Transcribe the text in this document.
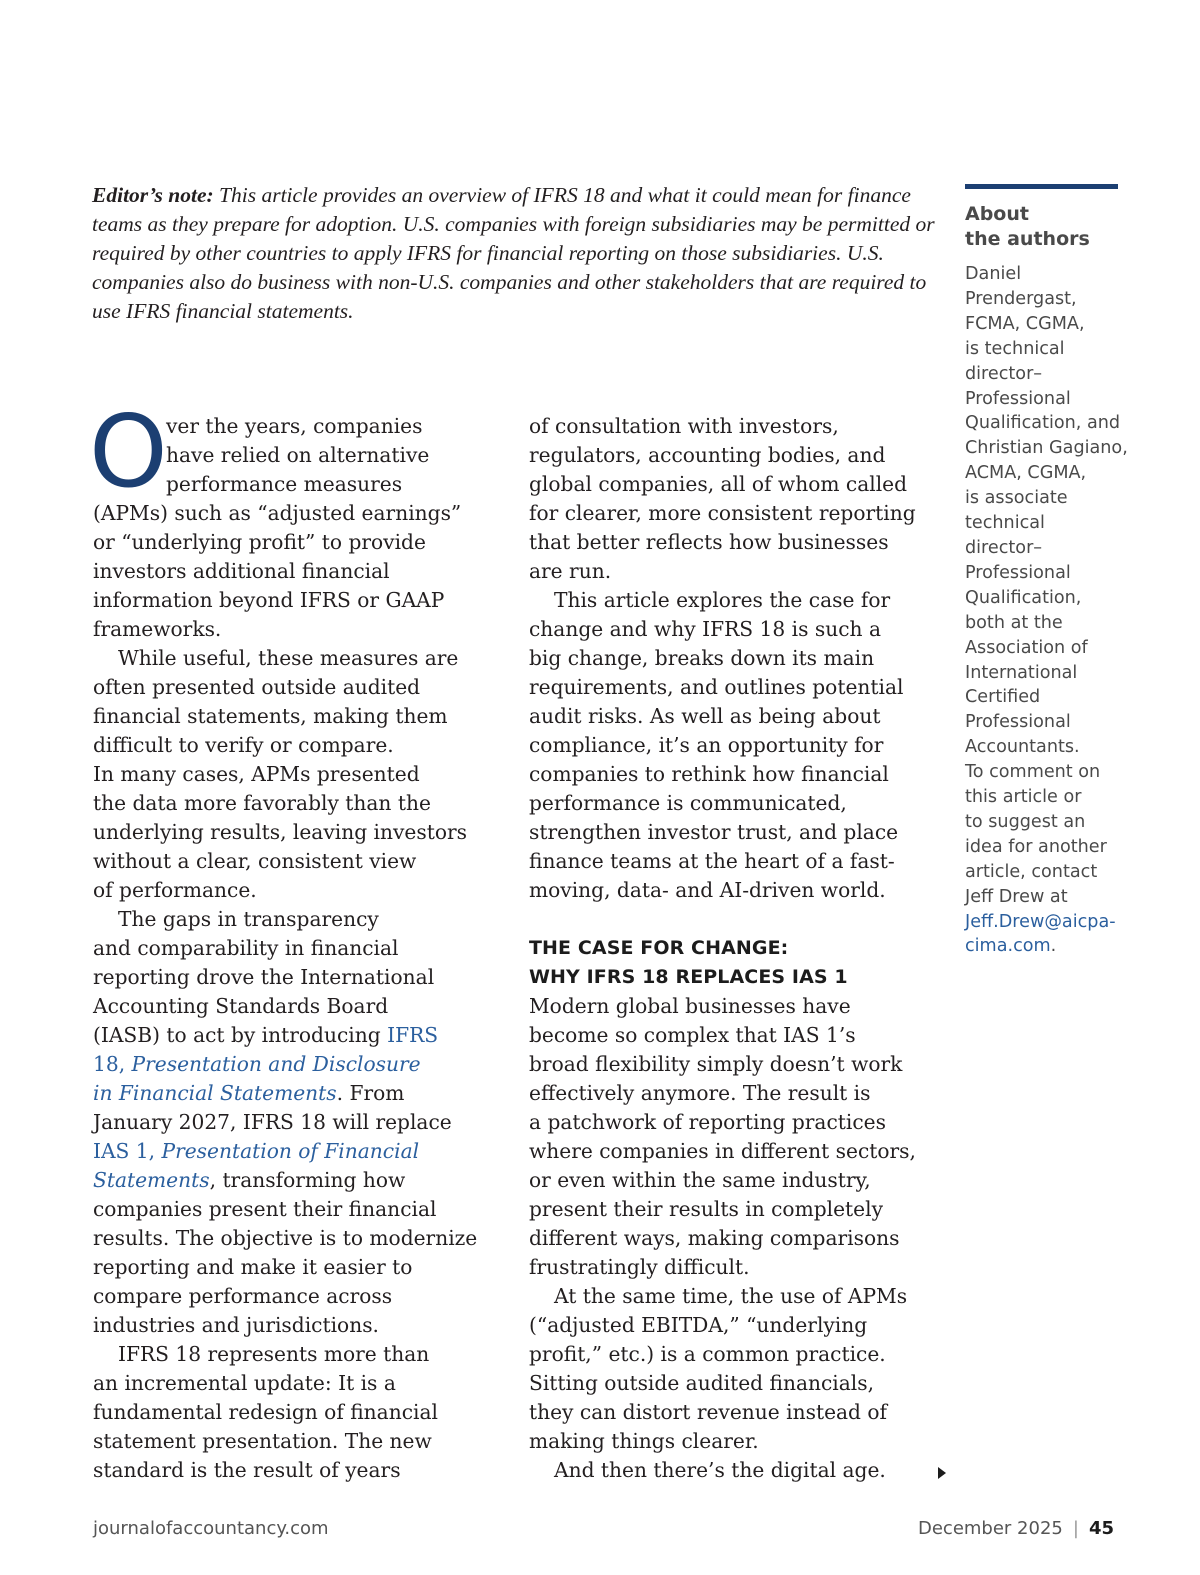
Editor’s note: This article provides an overview of IFRS 18 and what it could mean for finance teams as they prepare for adoption. U.S. companies with foreign subsidiaries may be permitted or required by other countries to apply IFRS for financial reporting on those subsidiaries. U.S. companies also do business with non-U.S. companies and other stakeholders that are required to use IFRS financial statements.
O
ver the years, companies
have relied on alternative
performance measures
(APMs) such as “adjusted earnings”
or “underlying profit” to provide
investors additional financial
information beyond IFRS or GAAP
frameworks.
While useful, these measures are
often presented outside audited
financial statements, making them
difficult to verify or compare.
In many cases, APMs presented
the data more favorably than the
underlying results, leaving investors
without a clear, consistent view
of performance.
The gaps in transparency
and comparability in financial
reporting drove the International
Accounting Standards Board
(IASB) to act by introducing IFRS
18, Presentation and Disclosure
in Financial Statements. From
January 2027, IFRS 18 will replace
IAS 1, Presentation of Financial
Statements, transforming how
companies present their financial
results. The objective is to modernize
reporting and make it easier to
compare performance across
industries and jurisdictions.
IFRS 18 represents more than
an incremental update: It is a
fundamental redesign of financial
statement presentation. The new
standard is the result of years
of consultation with investors,
regulators, accounting bodies, and
global companies, all of whom called
for clearer, more consistent reporting
that better reflects how businesses
are run.
This article explores the case for
change and why IFRS 18 is such a
big change, breaks down its main
requirements, and outlines potential
audit risks. As well as being about
compliance, it’s an opportunity for
companies to rethink how financial
performance is communicated,
strengthen investor trust, and place
finance teams at the heart of a fast-
moving, data- and AI-driven world.
THE CASE FOR CHANGE:
WHY IFRS 18 REPLACES IAS 1
Modern global businesses have
become so complex that IAS 1’s
broad flexibility simply doesn’t work
effectively anymore. The result is
a patchwork of reporting practices
where companies in different sectors,
or even within the same industry,
present their results in completely
different ways, making comparisons
frustratingly difficult.
At the same time, the use of APMs
(“adjusted EBITDA,” “underlying
profit,” etc.) is a common practice.
Sitting outside audited financials,
they can distort revenue instead of
making things clearer.
And then there’s the digital age.
About
the authors
Daniel
Prendergast,
FCMA, CGMA,
is technical
director–
Professional
Qualification, and
Christian Gagiano,
ACMA, CGMA,
is associate
technical
director–
Professional
Qualification,
both at the
Association of
International
Certified
Professional
Accountants.
To comment on
this article or
to suggest an
idea for another
article, contact
Jeff Drew at
Jeff.Drew@aicpa-
cima.com.
journalofaccountancy.com	December 2025 | 45
